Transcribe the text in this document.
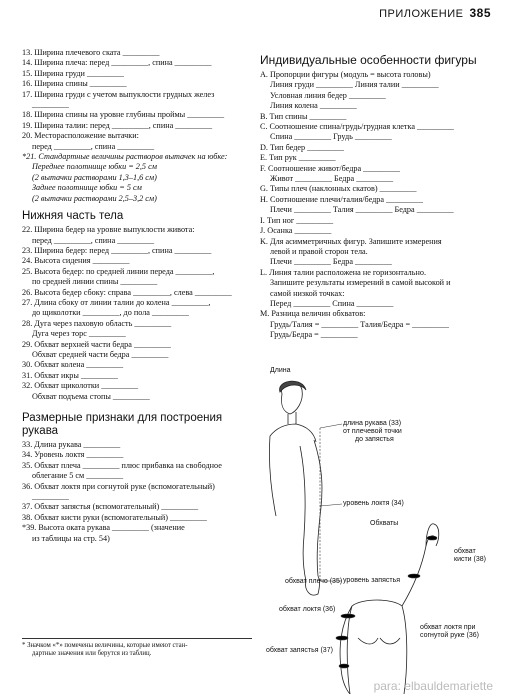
ПРИЛОЖЕНИЕ 385
13. Ширина плечевого ската _________
14. Ширина плеча: перед _________, спина _________
15. Ширина груди _________
16. Ширина спины _________
17. Ширина груди с учетом выпуклости грудных желез
_________
18. Ширина спины на уровне глубины проймы _________
19. Ширина талии: перед _________, спина _________
20. Месторасположение вытачки:
перед _________, спина _________
*21. Стандартные величины растворов вытачек на юбке:
Переднее полотнище юбки = 2,5 см
(2 вытачки растворами 1,3–1,6 см)
Заднее полотнище юбки = 5 см
(2 вытачки растворами 2,5–3,2 см)
Нижняя часть тела
22. Ширина бедер на уровне выпуклости живота:
перед _________, спина _________
23. Ширина бедер: перед _________, спина _________
24. Высота сидения _________
25. Высота бедер: по средней линии переда _________,
по средней линии спины _________
26. Высота бедер сбоку: справа _________, слева _________
27. Длина сбоку от линии талии до колена _________,
до щиколотки _________, до пола _________
28. Дуга через паховую область _________
Дуга через торс _________
29. Обхват верхней части бедра _________
Обхват средней части бедра _________
30. Обхват колена _________
31. Обхват икры _________
32. Обхват щиколотки _________
Обхват подъема стопы _________
Размерные признаки для построения рукава
33. Длина рукава _________
34. Уровень локтя _________
35. Обхват плеча _________ плюс прибавка на свободное
облегание 5 см _________
36. Обхват локтя при согнутой руке (вспомогательный)
_________
37. Обхват запястья (вспомогательный) _________
38. Обхват кисти руки (вспомогательный) _________
*39. Высота оката рукава _________ (значение
из таблицы на стр. 54)
* Значком «*» помечены величины, которые имеют стан-
дартные значения или берутся из таблиц.
Индивидуальные особенности фигуры
A. Пропорции фигуры (модуль = высота головы)
Линия груди _________ Линия талии _________
Условная линия бедер _________
Линия колена _________
B. Тип спины _________
C. Соотношение спина/грудь/грудная клетка _________
Спина _________ Грудь _________
D. Тип бедер _________
E. Тип рук _________
F. Соотношение живот/бедра _________
Живот _________ Бедра _________
G. Типы плеч (наклонных скатов) _________
H. Соотношение плечи/талия/бедра _________
Плечи _________ Талия _________ Бедра _________
I. Тип ног _________
J. Осанка _________
K. Для асимметричных фигур. Запишите измерения
левой и правой сторон тела.
Плечи _________ Бедра _________
L. Линия талии расположена не горизонтально.
Запишите результаты измерений в самой высокой и
самой низкой точках:
Перед _________ Спина _________
M. Разница величин обхватов:
Грудь/Талия = _________ Талия/Бедра = _________
Грудь/Бедра = _________
Длина
длина рукава (33)
от плечевой точки
до запястья
уровень локтя (34)
уровень запястья
Обхваты
обхват плечо (35)
обхват
кисти (38)
обхват локтя (36)
обхват локтя при
согнутой руке (36)
обхват запястья (37)
para: elbauldemariette
